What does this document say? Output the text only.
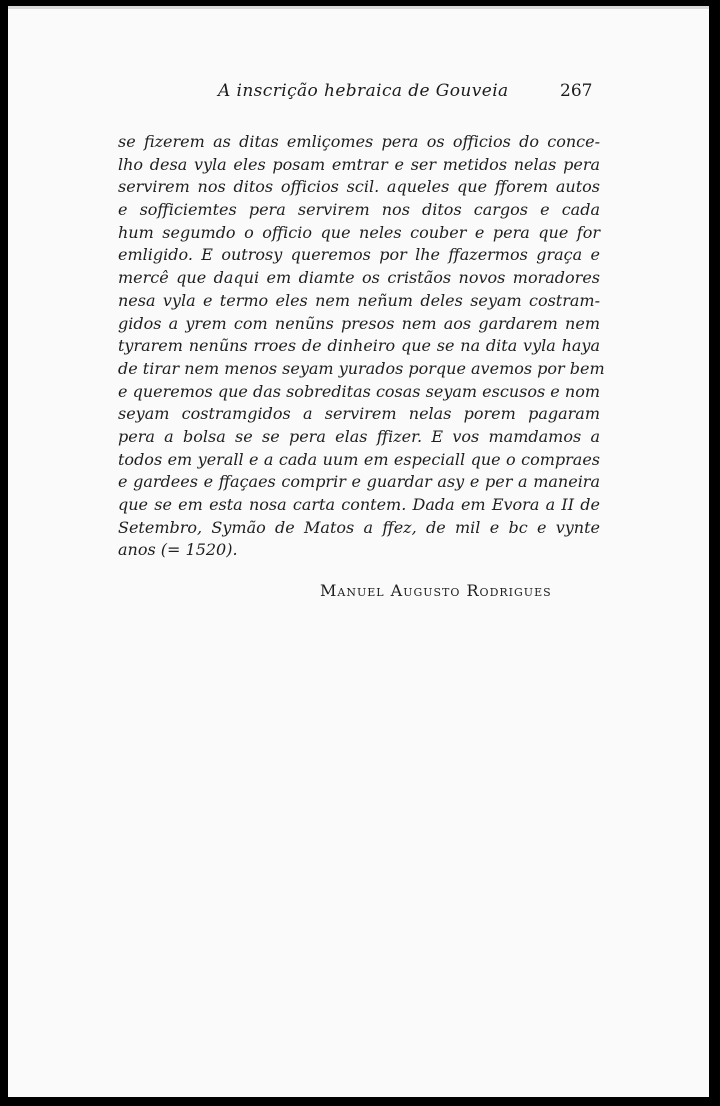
A inscrição hebraica de Gouveia	267
se fizerem as ditas emliçomes pera os officios do conce-
lho desa vyla eles posam emtrar e ser metidos nelas pera
servirem nos ditos officios scil. aqueles que fforem autos
e sofficiemtes pera servirem nos ditos cargos e cada
hum segumdo o officio que neles couber e pera que for
emligido. E outrosy queremos por lhe ffazermos graça e
mercê que daqui em diamte os cristãos novos moradores
nesa vyla e termo eles nem neñum deles seyam costram-
gidos a yrem com nenũns presos nem aos gardarem nem
tyrarem nenũns rroes de dinheiro que se na dita vyla haya
de tirar nem menos seyam yurados porque avemos por bem
e queremos que das sobreditas cosas seyam escusos e nom
seyam costramgidos a servirem nelas porem pagaram
pera a bolsa se se pera elas ffizer. E vos mamdamos a
todos em yerall e a cada uum em especiall que o compraes
e gardees e ffaçaes comprir e guardar asy e per a maneira
que se em esta nosa carta contem. Dada em Evora a II de
Setembro, Symão de Matos a ffez, de mil e bc e vynte
anos (= 1520).
Manuel Augusto Rodrigues
